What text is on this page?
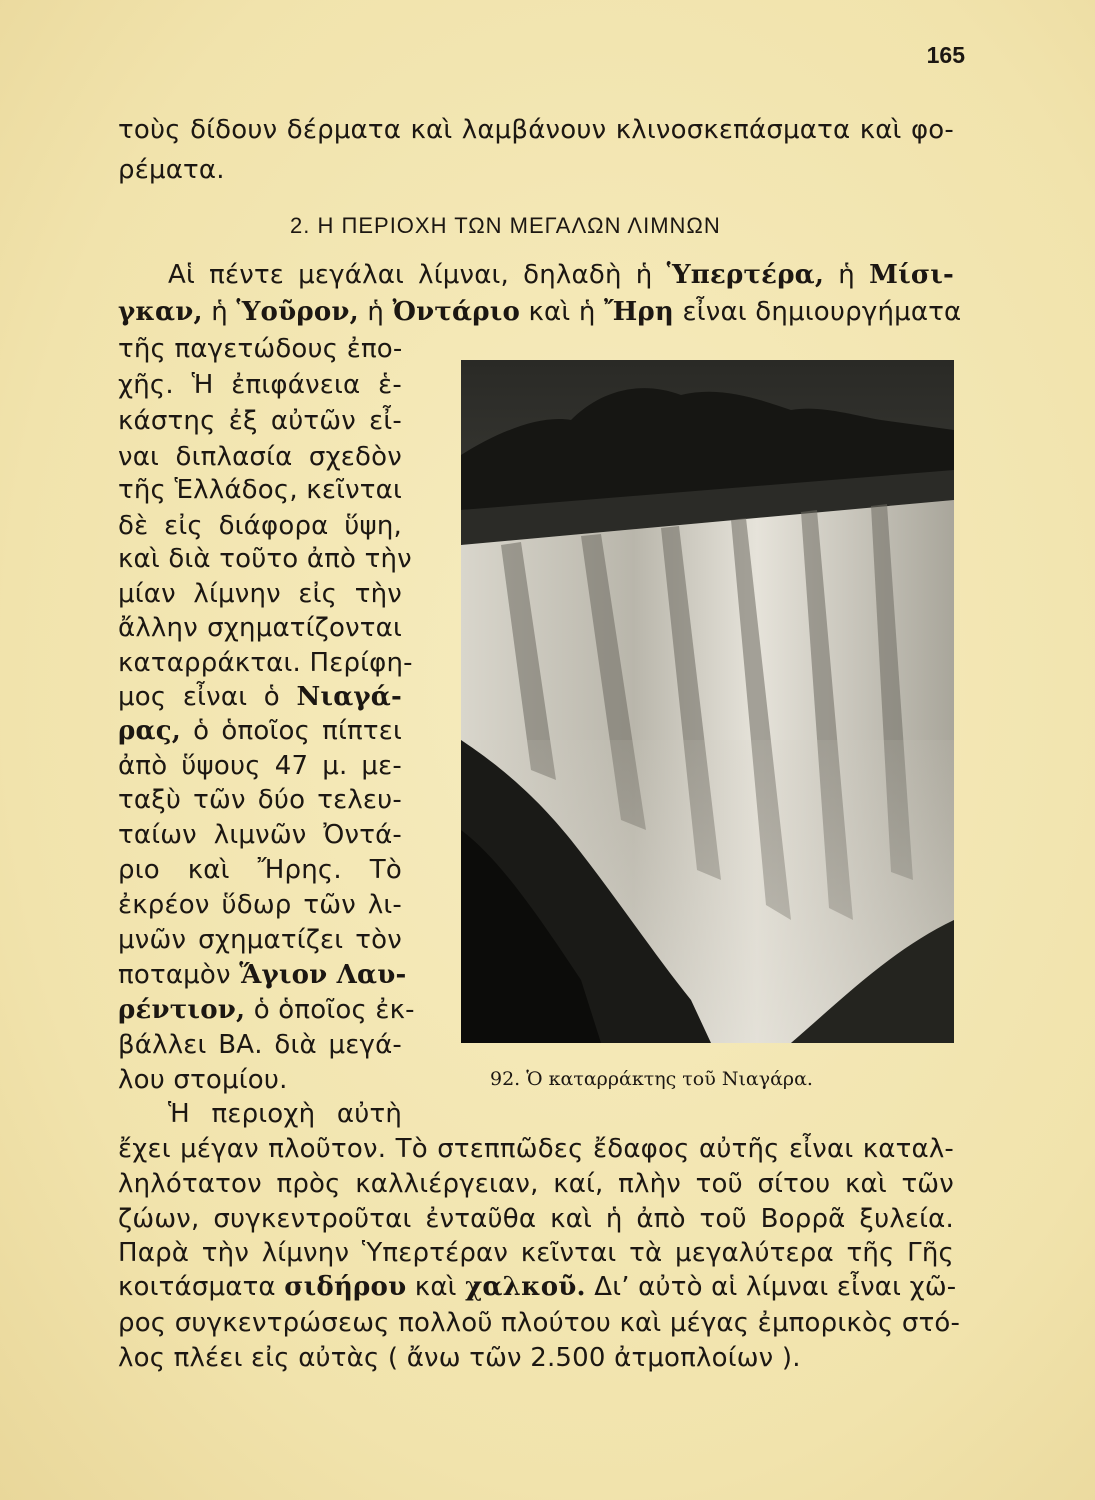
165
τοὺς δίδουν δέρματα καὶ λαμβάνουν κλινοσκεπάσματα καὶ φο-
ρέματα.
2. Η ΠΕΡΙΟΧΗ ΤΩΝ ΜΕΓΑΛΩΝ ΛΙΜΝΩΝ
Αἱ πέντε μεγάλαι λίμναι, δηλαδὴ ἡ Ὑπερτέρα, ἡ Μίσι-
γκαν, ἡ Ὑοῦρον, ἡ Ὀντάριο καὶ ἡ Ἤρη εἶναι δημιουργήματα
τῆς παγετώδους ἐπο-
χῆς. Ἡ ἐπιφάνεια ἑ-
κάστης ἐξ αὐτῶν εἶ-
ναι διπλασία σχεδὸν
τῆς Ἑλλάδος, κεῖνται
δὲ εἰς διάφορα ὕψη,
καὶ διὰ τοῦτο ἀπὸ τὴν
μίαν λίμνην εἰς τὴν
ἄλλην σχηματίζονται
καταρράκται. Περίφη-
μος εἶναι ὁ Νιαγά-
ρας, ὁ ὁποῖος πίπτει
ἀπὸ ὕψους 47 μ. με-
ταξὺ τῶν δύο τελευ-
ταίων λιμνῶν Ὀντά-
ριο καὶ Ἤρης. Τὸ
ἐκρέον ὕδωρ τῶν λι-
μνῶν σχηματίζει τὸν
ποταμὸν Ἅγιον Λαυ-
ρέντιον, ὁ ὁποῖος ἐκ-
βάλλει ΒΑ. διὰ μεγά-
λου στομίου.
Ἡ περιοχὴ αὐτὴ
92. Ὁ καταρράκτης τοῦ Νιαγάρα.
ἔχει μέγαν πλοῦτον. Τὸ στεππῶδες ἔδαφος αὐτῆς εἶναι καταλ-
ληλότατον πρὸς καλλιέργειαν, καί, πλὴν τοῦ σίτου καὶ τῶν
ζώων, συγκεντροῦται ἐνταῦθα καὶ ἡ ἀπὸ τοῦ Βορρᾶ ξυλεία.
Παρὰ τὴν λίμνην Ὑπερτέραν κεῖνται τὰ μεγαλύτερα τῆς Γῆς
κοιτάσματα σιδήρου καὶ χαλκοῦ. Δι’ αὐτὸ αἱ λίμναι εἶναι χῶ-
ρος συγκεντρώσεως πολλοῦ πλούτου καὶ μέγας ἐμπορικὸς στό-
λος πλέει εἰς αὐτὰς ( ἄνω τῶν 2.500 ἀτμοπλοίων ).
